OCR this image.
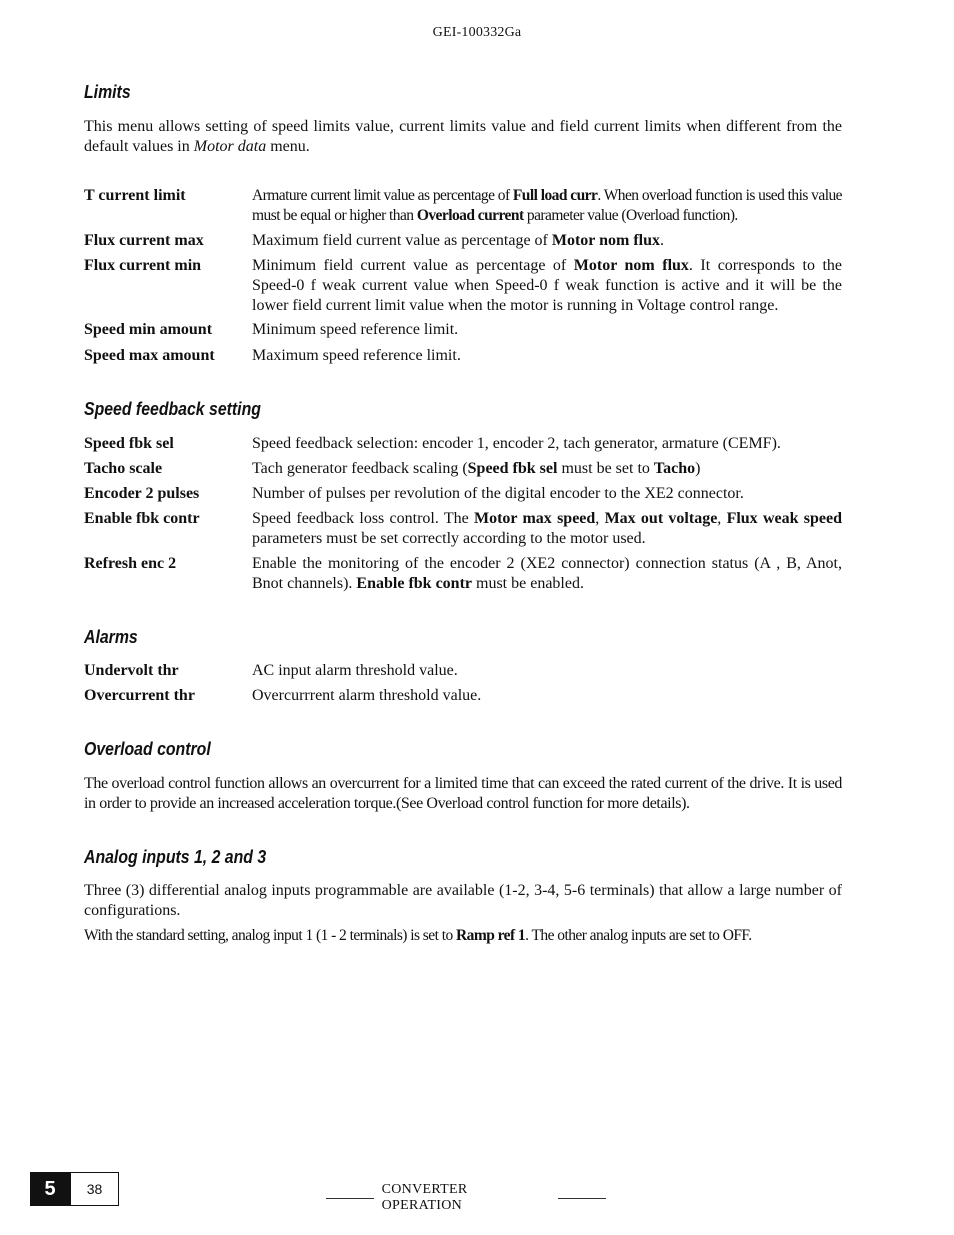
GEI-100332Ga
Limits

This menu allows setting of speed limits value, current limits value and field current limits when different from the default values in Motor data menu.

T current limit	Armature current limit value as percentage of Full load curr. When overload function is used this value must be equal or higher than Overload current parameter value (Overload function).
Flux current max	Maximum field current value as percentage of Motor nom flux.
Flux current min	Minimum field current value as percentage of Motor nom flux. It corresponds to the Speed-0 f weak current value when Speed-0 f weak function is active and it will be the lower field current limit value when the motor is running in Voltage control range.
Speed min amount	Minimum speed reference limit.
Speed max amount	Maximum speed reference limit.
Speed feedback setting
Speed fbk sel	Speed feedback selection: encoder 1, encoder 2, tach generator, armature (CEMF).
Tacho scale	Tach generator feedback scaling (Speed fbk sel must be set to Tacho)
Encoder 2 pulses	Number of pulses per revolution of the digital encoder to the XE2 connector.
Enable fbk contr	Speed feedback loss control. The Motor max speed, Max out voltage, Flux weak speed parameters must be set correctly according to the motor used.
Refresh enc 2	Enable the monitoring of the encoder 2 (XE2 connector) connection status (A , B, Anot, Bnot channels). Enable fbk contr must be enabled.
Alarms
Undervolt thr	AC input alarm threshold value.
Overcurrent thr	Overcurrrent alarm threshold value.
Overload control

The overload control function allows an overcurrent for a limited time that can exceed the rated current of the drive. It is used in order to provide an increased acceleration torque.(See Overload control function for more details).

Analog inputs 1, 2 and 3

Three (3) differential analog inputs programmable are available (1-2, 3-4, 5-6 terminals) that allow a large number of configurations.

With the standard setting, analog input 1 (1 - 2 terminals) is set to Ramp ref 1. The other analog inputs are set to OFF.

5	38	CONVERTER OPERATION
